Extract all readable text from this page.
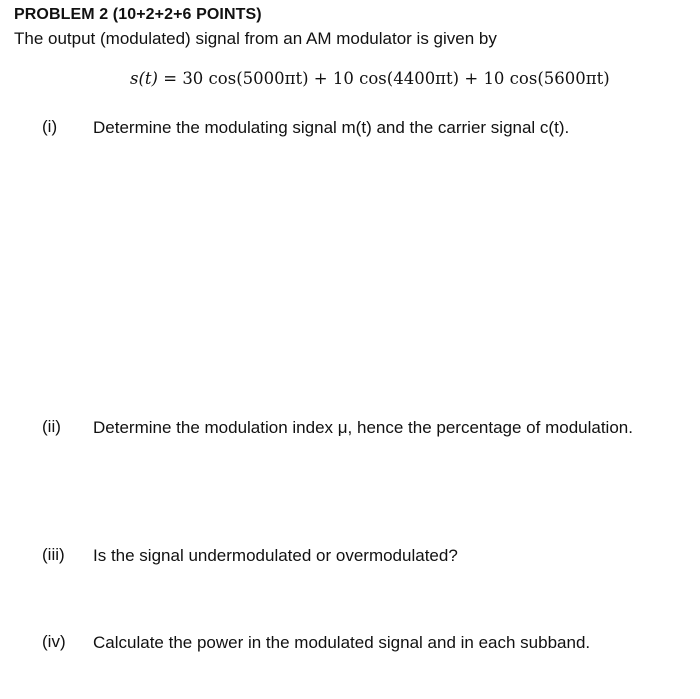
PROBLEM 2 (10+2+2+6 POINTS)
The output (modulated) signal from an AM modulator is given by
s(t) = 30 cos(5000πt) + 10 cos(4400πt) + 10 cos(5600πt)
(i) Determine the modulating signal m(t) and the carrier signal c(t).
(ii) Determine the modulation index μ, hence the percentage of modulation.
(iii) Is the signal undermodulated or overmodulated?
(iv) Calculate the power in the modulated signal and in each subband.
